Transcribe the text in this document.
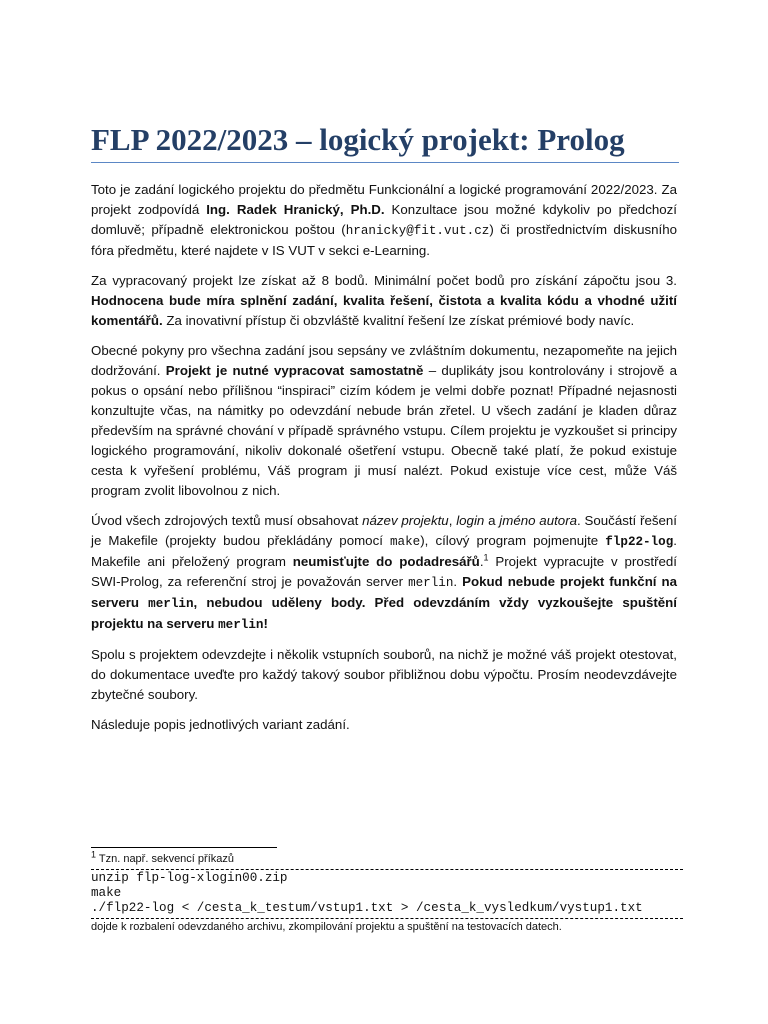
FLP 2022/2023 – logický projekt: Prolog

Toto je zadání logického projektu do předmětu Funkcionální a logické programování 2022/2023. Za projekt zodpovídá Ing. Radek Hranický, Ph.D. Konzultace jsou možné kdykoliv po předchozí domluvě; případně elektronickou poštou (hranicky@fit.vut.cz) či prostřednictvím diskusního fóra předmětu, které najdete v IS VUT v sekci e-Learning.

Za vypracovaný projekt lze získat až 8 bodů. Minimální počet bodů pro získání zápočtu jsou 3. Hodnocena bude míra splnění zadání, kvalita řešení, čistota a kvalita kódu a vhodné užití komentářů. Za inovativní přístup či obzvláště kvalitní řešení lze získat prémiové body navíc.

Obecné pokyny pro všechna zadání jsou sepsány ve zvláštním dokumentu, nezapomeňte na jejich dodržování. Projekt je nutné vypracovat samostatně – duplikáty jsou kontrolovány i strojově a pokus o opsání nebo přílišnou “inspiraci” cizím kódem je velmi dobře poznat! Případné nejasnosti konzultujte včas, na námitky po odevzdání nebude brán zřetel. U všech zadání je kladen důraz především na správné chování v případě správného vstupu. Cílem projektu je vyzkoušet si principy logického programování, nikoliv dokonalé ošetření vstupu. Obecně také platí, že pokud existuje cesta k vyřešení problému, Váš program ji musí nalézt. Pokud existuje více cest, může Váš program zvolit libovolnou z nich.

Úvod všech zdrojových textů musí obsahovat název projektu, login a jméno autora. Součástí řešení je Makefile (projekty budou překládány pomocí make), cílový program pojmenujte flp22-log. Makefile ani přeložený program neumisťujte do podadresářů.$^1$ Projekt vypracujte v prostředí SWI-Prolog, za referenční stroj je považován server merlin. Pokud nebude projekt funkční na serveru merlin, nebudou uděleny body. Před odevzdáním vždy vyzkoušejte spuštění projektu na serveru merlin!

Spolu s projektem odevzdejte i několik vstupních souborů, na nichž je možné váš projekt otestovat, do dokumentace uveďte pro každý takový soubor přibližnou dobu výpočtu. Prosím neodevzdávejte zbytečné soubory.

Následuje popis jednotlivých variant zadání.

$^1$ Tzn. např. sekvencí příkazů
unzip flp-log-xlogin00.zip
make
./flp22-log < /cesta_k_testum/vstup1.txt > /cesta_k_vysledkum/vystup1.txt
dojde k rozbalení odevzdaného archivu, zkompilování projektu a spuštění na testovacích datech.
